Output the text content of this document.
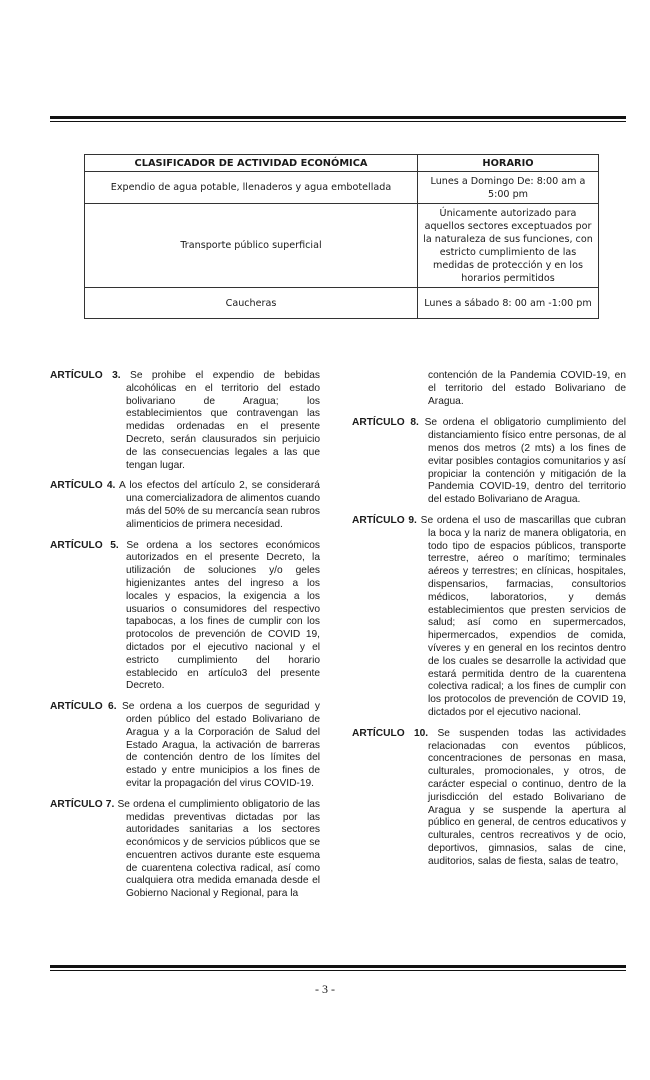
CLASIFICADOR DE ACTIVIDAD ECONÓMICA	HORARIO
Expendio de agua potable, llenaderos y agua embotellada	Lunes a Domingo De: 8:00 am a 5:00 pm
Transporte público superficial	Únicamente autorizado para aquellos sectores exceptuados por la naturaleza de sus funciones, con estricto cumplimiento de las medidas de protección y en los horarios permitidos
Caucheras	Lunes a sábado 8: 00 am -1:00 pm

ARTÍCULO 3. Se prohibe el expendio de bebidas alcohólicas en el territorio del estado bolivariano de Aragua; los establecimientos que contravengan las medidas ordenadas en el presente Decreto, serán clausurados sin perjuicio de las consecuencias legales a las que tengan lugar.

ARTÍCULO 4. A los efectos del artículo 2, se considerará una comercializadora de alimentos cuando más del 50% de su mercancía sean rubros alimenticios de primera necesidad.

ARTÍCULO 5. Se ordena a los sectores económicos autorizados en el presente Decreto, la utilización de soluciones y/o geles higienizantes antes del ingreso a los locales y espacios, la exigencia a los usuarios o consumidores del respectivo tapabocas, a los fines de cumplir con los protocolos de prevención de COVID 19, dictados por el ejecutivo nacional y el estricto cumplimiento del horario establecido en artículo3 del presente Decreto.

ARTÍCULO 6. Se ordena a los cuerpos de seguridad y orden público del estado Bolivariano de Aragua y a la Corporación de Salud del Estado Aragua, la activación de barreras de contención dentro de los límites del estado y entre municipios a los fines de evitar la propagación del virus COVID-19.

ARTÍCULO 7. Se ordena el cumplimiento obligatorio de las medidas preventivas dictadas por las autoridades sanitarias a los sectores económicos y de servicios públicos que se encuentren activos durante este esquema de cuarentena colectiva radical, así como cualquiera otra medida emanada desde el Gobierno Nacional y Regional, para la

contención de la Pandemia COVID-19, en el territorio del estado Bolivariano de Aragua.

ARTÍCULO 8. Se ordena el obligatorio cumplimiento del distanciamiento físico entre personas, de al menos dos metros (2 mts) a los fines de evitar posibles contagios comunitarios y así propiciar la contención y mitigación de la Pandemia COVID-19, dentro del territorio del estado Bolivariano de Aragua.

ARTÍCULO 9. Se ordena el uso de mascarillas que cubran la boca y la nariz de manera obligatoria, en todo tipo de espacios públicos, transporte terrestre, aéreo o marítimo; terminales aéreos y terrestres; en clínicas, hospitales, dispensarios, farmacias, consultorios médicos, laboratorios, y demás establecimientos que presten servicios de salud; así como en supermercados, hipermercados, expendios de comida, víveres y en general en los recintos dentro de los cuales se desarrolle la actividad que estará permitida dentro de la cuarentena colectiva radical; a los fines de cumplir con los protocolos de prevención de COVID 19, dictados por el ejecutivo nacional.

ARTÍCULO 10. Se suspenden todas las actividades relacionadas con eventos públicos, concentraciones de personas en masa, culturales, promocionales, y otros, de carácter especial o continuo, dentro de la jurisdicción del estado Bolivariano de Aragua y se suspende la apertura al público en general, de centros educativos y culturales, centros recreativos y de ocio, deportivos, gimnasios, salas de cine, auditorios, salas de fiesta, salas de teatro,

- 3 -
